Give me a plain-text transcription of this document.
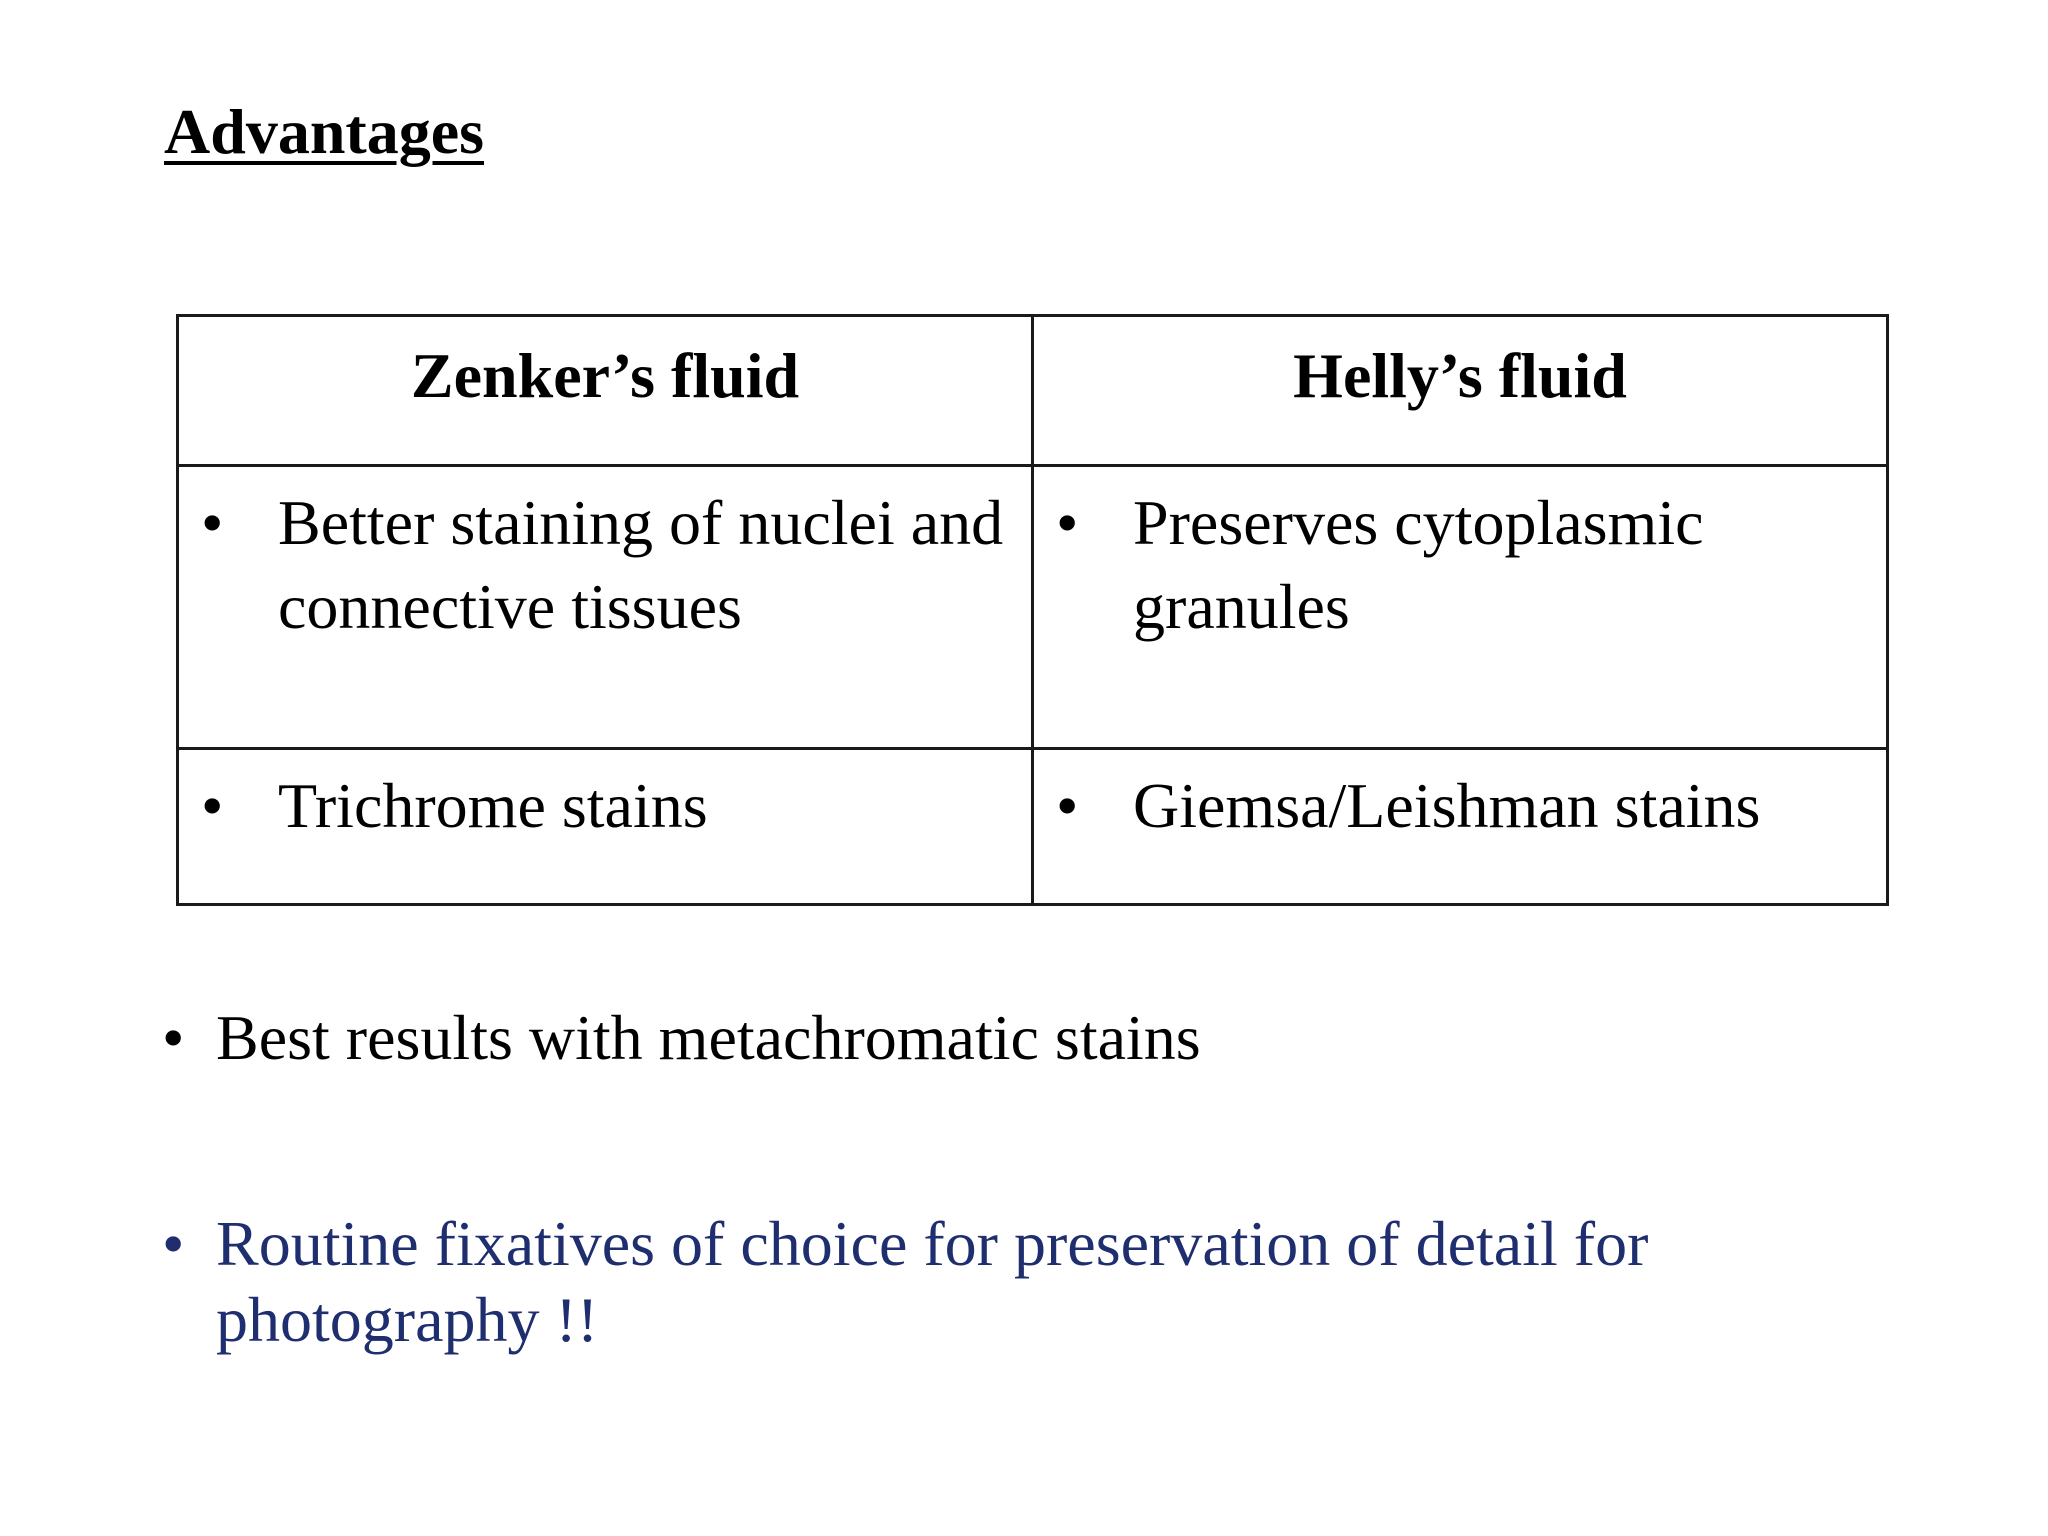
Advantages
Zenker’s fluid	Helly’s fluid

• Better staining of nuclei and connective tissues	• Preserves cytoplasmic granules

• Trichrome stains	• Giemsa/Leishman stains
• Best results with metachromatic stains
• Routine fixatives of choice for preservation of detail for photography !!
